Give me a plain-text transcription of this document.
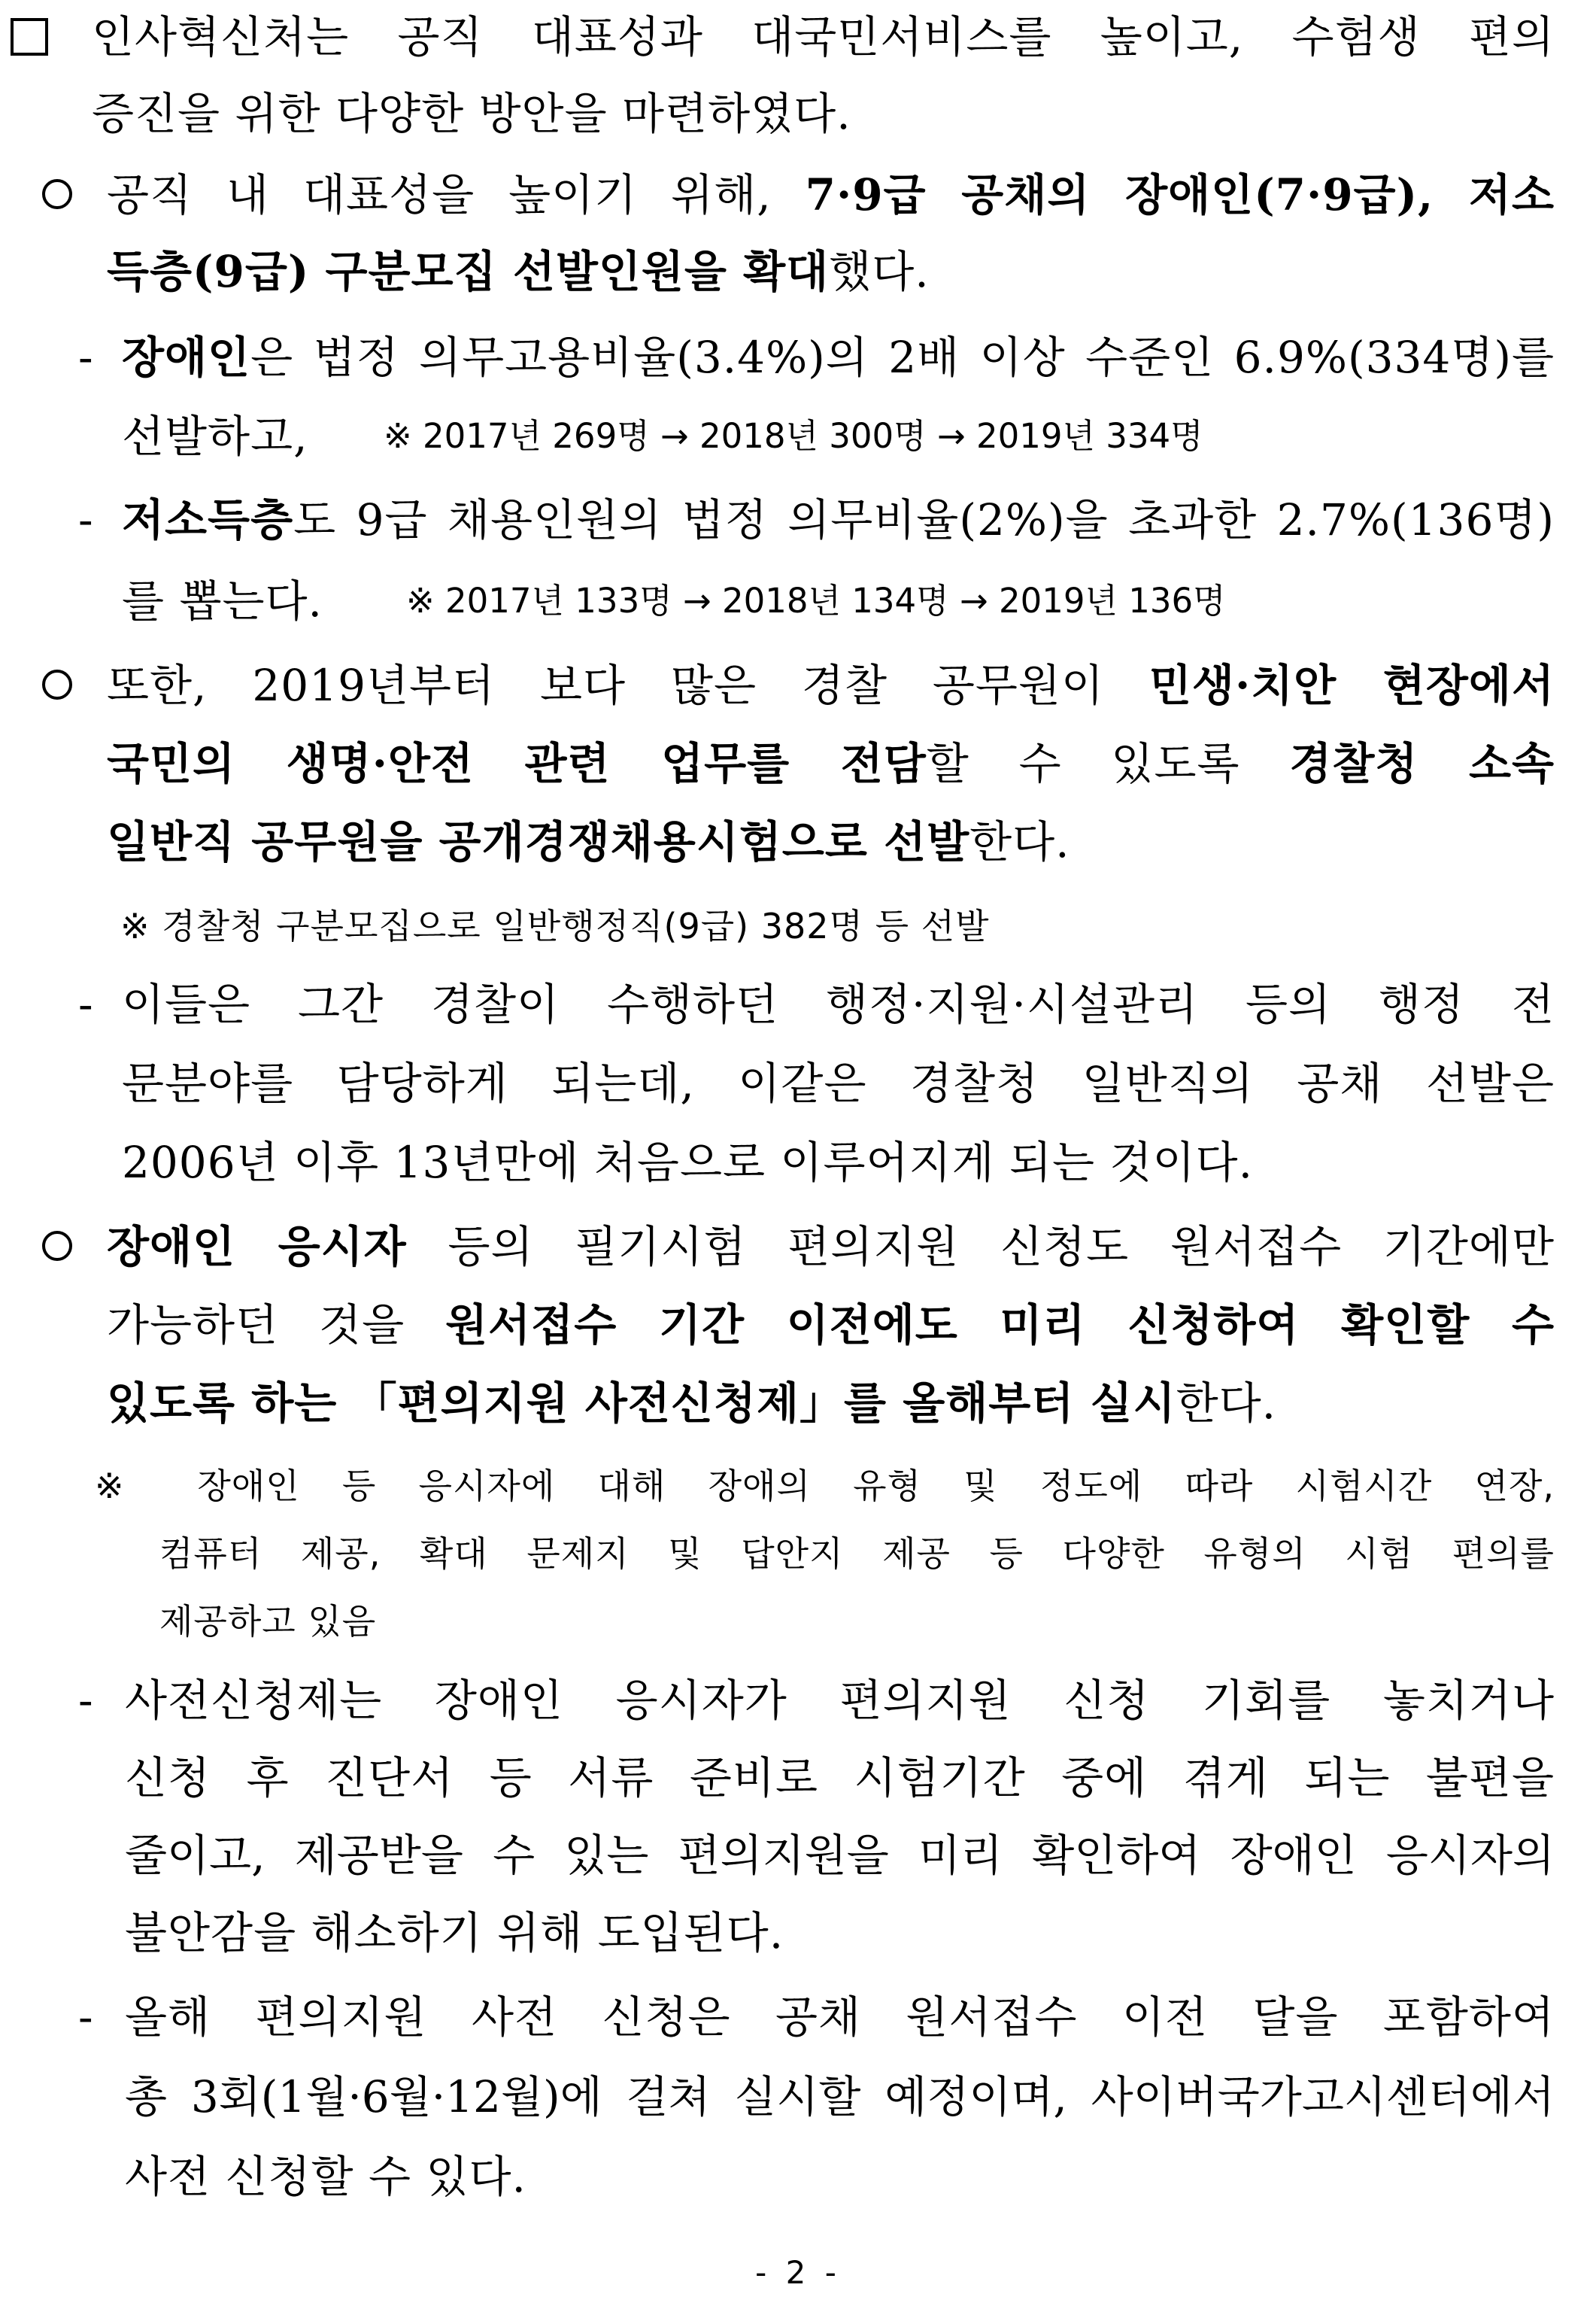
인사혁신처는 공직 대표성과 대국민서비스를 높이고, 수험생 편의
증진을 위한 다양한 방안을 마련하였다.
공직 내 대표성을 높이기 위해, 7·9급 공채의 장애인(7·9급), 저소
득층(9급) 구분모집 선발인원을 확대했다.
- 장애인은 법정 의무고용비율(3.4%)의 2배 이상 수준인 6.9%(334명)를
선발하고, ※ 2017년 269명 → 2018년 300명 → 2019년 334명
- 저소득층도 9급 채용인원의 법정 의무비율(2%)을 초과한 2.7%(136명)
를 뽑는다. ※ 2017년 133명 → 2018년 134명 → 2019년 136명
또한, 2019년부터 보다 많은 경찰 공무원이 민생·치안 현장에서
국민의 생명·안전 관련 업무를 전담할 수 있도록 경찰청 소속
일반직 공무원을 공개경쟁채용시험으로 선발한다.
※ 경찰청 구분모집으로 일반행정직(9급) 382명 등 선발
- 이들은 그간 경찰이 수행하던 행정·지원·시설관리 등의 행정 전
문분야를 담당하게 되는데, 이같은 경찰청 일반직의 공채 선발은
2006년 이후 13년만에 처음으로 이루어지게 되는 것이다.
장애인 응시자 등의 필기시험 편의지원 신청도 원서접수 기간에만
가능하던 것을 원서접수 기간 이전에도 미리 신청하여 확인할 수
있도록 하는 「편의지원 사전신청제」를 올해부터 실시한다.
※ 장애인 등 응시자에 대해 장애의 유형 및 정도에 따라 시험시간 연장,
컴퓨터 제공, 확대 문제지 및 답안지 제공 등 다양한 유형의 시험 편의를
제공하고 있음
- 사전신청제는 장애인 응시자가 편의지원 신청 기회를 놓치거나
신청 후 진단서 등 서류 준비로 시험기간 중에 겪게 되는 불편을
줄이고, 제공받을 수 있는 편의지원을 미리 확인하여 장애인 응시자의
불안감을 해소하기 위해 도입된다.
- 올해 편의지원 사전 신청은 공채 원서접수 이전 달을 포함하여
총 3회(1월·6월·12월)에 걸쳐 실시할 예정이며, 사이버국가고시센터에서
사전 신청할 수 있다.
- 2 -
